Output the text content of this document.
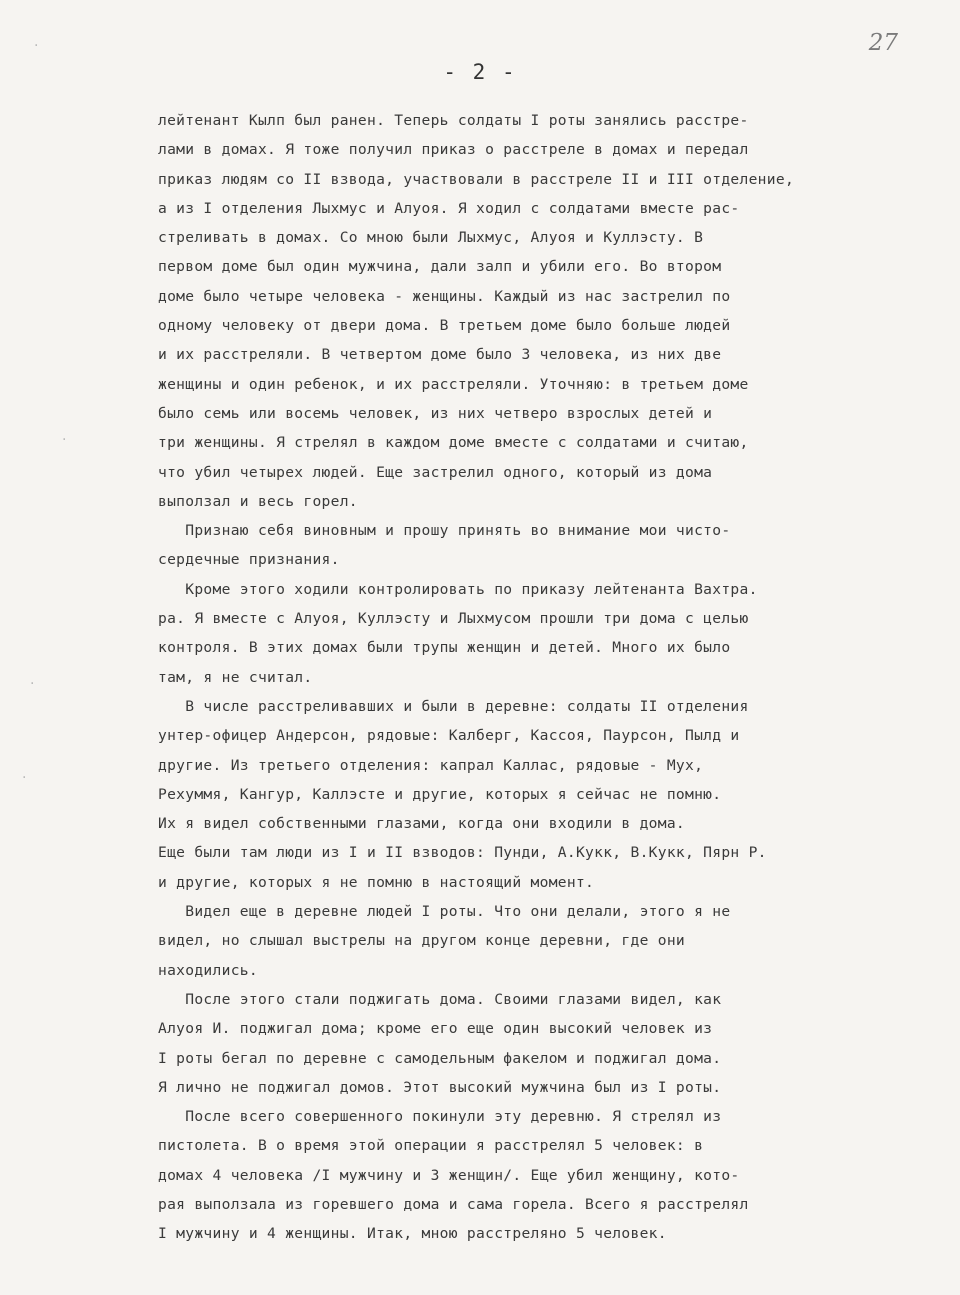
27
- 2 -
·
·
·
·
лейтенант Кылп был ранен. Теперь солдаты I роты занялись расстре-
лами в домах. Я тоже получил приказ о расстреле в домах и передал
приказ людям со II взвода, участвовали в расстреле II и III отделение,
а из I отделения Лыхмус и Алуоя. Я ходил с солдатами вместе рас-
стреливать в домах. Со мною были Лыхмус, Алуоя и Куллэсту. В
первом доме был один мужчина, дали залп и убили его. Во втором
доме было четыре человека - женщины. Каждый из нас застрелил по
одному человеку от двери дома. В третьем доме было больше людей
и их расстреляли. В четвертом доме было 3 человека, из них две
женщины и один ребенок, и их расстреляли. Уточняю: в третьем доме
было семь или восемь человек, из них четверо взрослых детей и
три женщины. Я стрелял в каждом доме вместе с солдатами и считаю,
что убил четырех людей. Еще застрелил одного, который из дома
выползал и весь горел.
Признаю себя виновным и прошу принять во внимание мои чисто-
сердечные признания.
Кроме этого ходили контролировать по приказу лейтенанта Вахтра.
ра. Я вместе с Алуоя, Куллэсту и Лыхмусом прошли три дома с целью
контроля. В этих домах были трупы женщин и детей. Много их было
там, я не считал.
В числе расстреливавших и были в деревне: солдаты II отделения
унтер-офицер Андерсон, рядовые: Калберг, Кассоя, Паурсон, Пылд и
другие. Из третьего отделения: капрал Каллас, рядовые - Мух,
Рехуммя, Кангур, Каллэсте и другие, которых я сейчас не помню.
Их я видел собственными глазами, когда они входили в дома.
Еще были там люди из I и II взводов: Пунди, А.Кукк, В.Кукк, Пярн Р.
и другие, которых я не помню в настоящий момент.
Видел еще в деревне людей I роты. Что они делали, этого я не
видел, но слышал выстрелы на другом конце деревни, где они
находились.
После этого стали поджигать дома. Своими глазами видел, как
Алуоя И. поджигал дома; кроме его еще один высокий человек из
I роты бегал по деревне с самодельным факелом и поджигал дома.
Я лично не поджигал домов. Этот высокий мужчина был из I роты.
После всего совершенного покинули эту деревню. Я стрелял из
пистолета. В о время этой операции я расстрелял 5 человек: в
домах 4 человека /I мужчину и 3 женщин/. Еще убил женщину, кото-
рая выползала из горевшего дома и сама горела. Всего я расстрелял
I мужчину и 4 женщины. Итак, мною расстреляно 5 человек.
